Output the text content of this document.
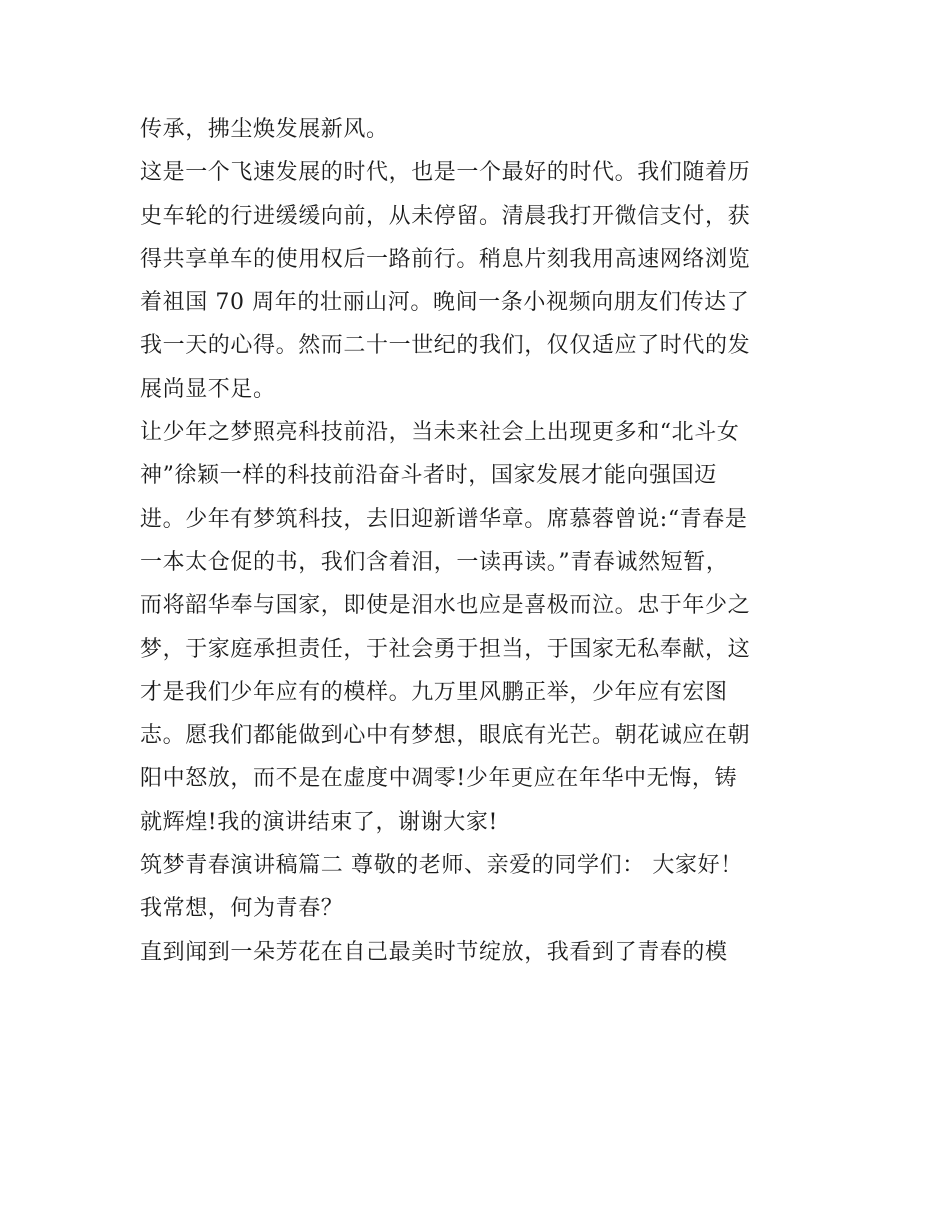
传承，拂尘焕发展新风。
这是一个飞速发展的时代，也是一个最好的时代。我们随着历
史车轮的行进缓缓向前，从未停留。清晨我打开微信支付，获
得共享单车的使用权后一路前行。稍息片刻我用高速网络浏览
着祖国 70 周年的壮丽山河。晚间一条小视频向朋友们传达了
我一天的心得。然而二十一世纪的我们，仅仅适应了时代的发
展尚显不足。
让少年之梦照亮科技前沿，当未来社会上出现更多和“北斗女
神”徐颖一样的科技前沿奋斗者时，国家发展才能向强国迈
进。少年有梦筑科技，去旧迎新谱华章。席慕蓉曾说:“青春是
一本太仓促的书，我们含着泪，一读再读。”青春诚然短暂，
而将韶华奉与国家，即使是泪水也应是喜极而泣。忠于年少之
梦，于家庭承担责任，于社会勇于担当，于国家无私奉献，这
才是我们少年应有的模样。九万里风鹏正举，少年应有宏图
志。愿我们都能做到心中有梦想，眼底有光芒。朝花诚应在朝
阳中怒放，而不是在虚度中凋零!少年更应在年华中无悔，铸
就辉煌!我的演讲结束了，谢谢大家!
筑梦青春演讲稿篇二 尊敬的老师、亲爱的同学们： 大家好！
我常想，何为青春？
直到闻到一朵芳花在自己最美时节绽放，我看到了青春的模
